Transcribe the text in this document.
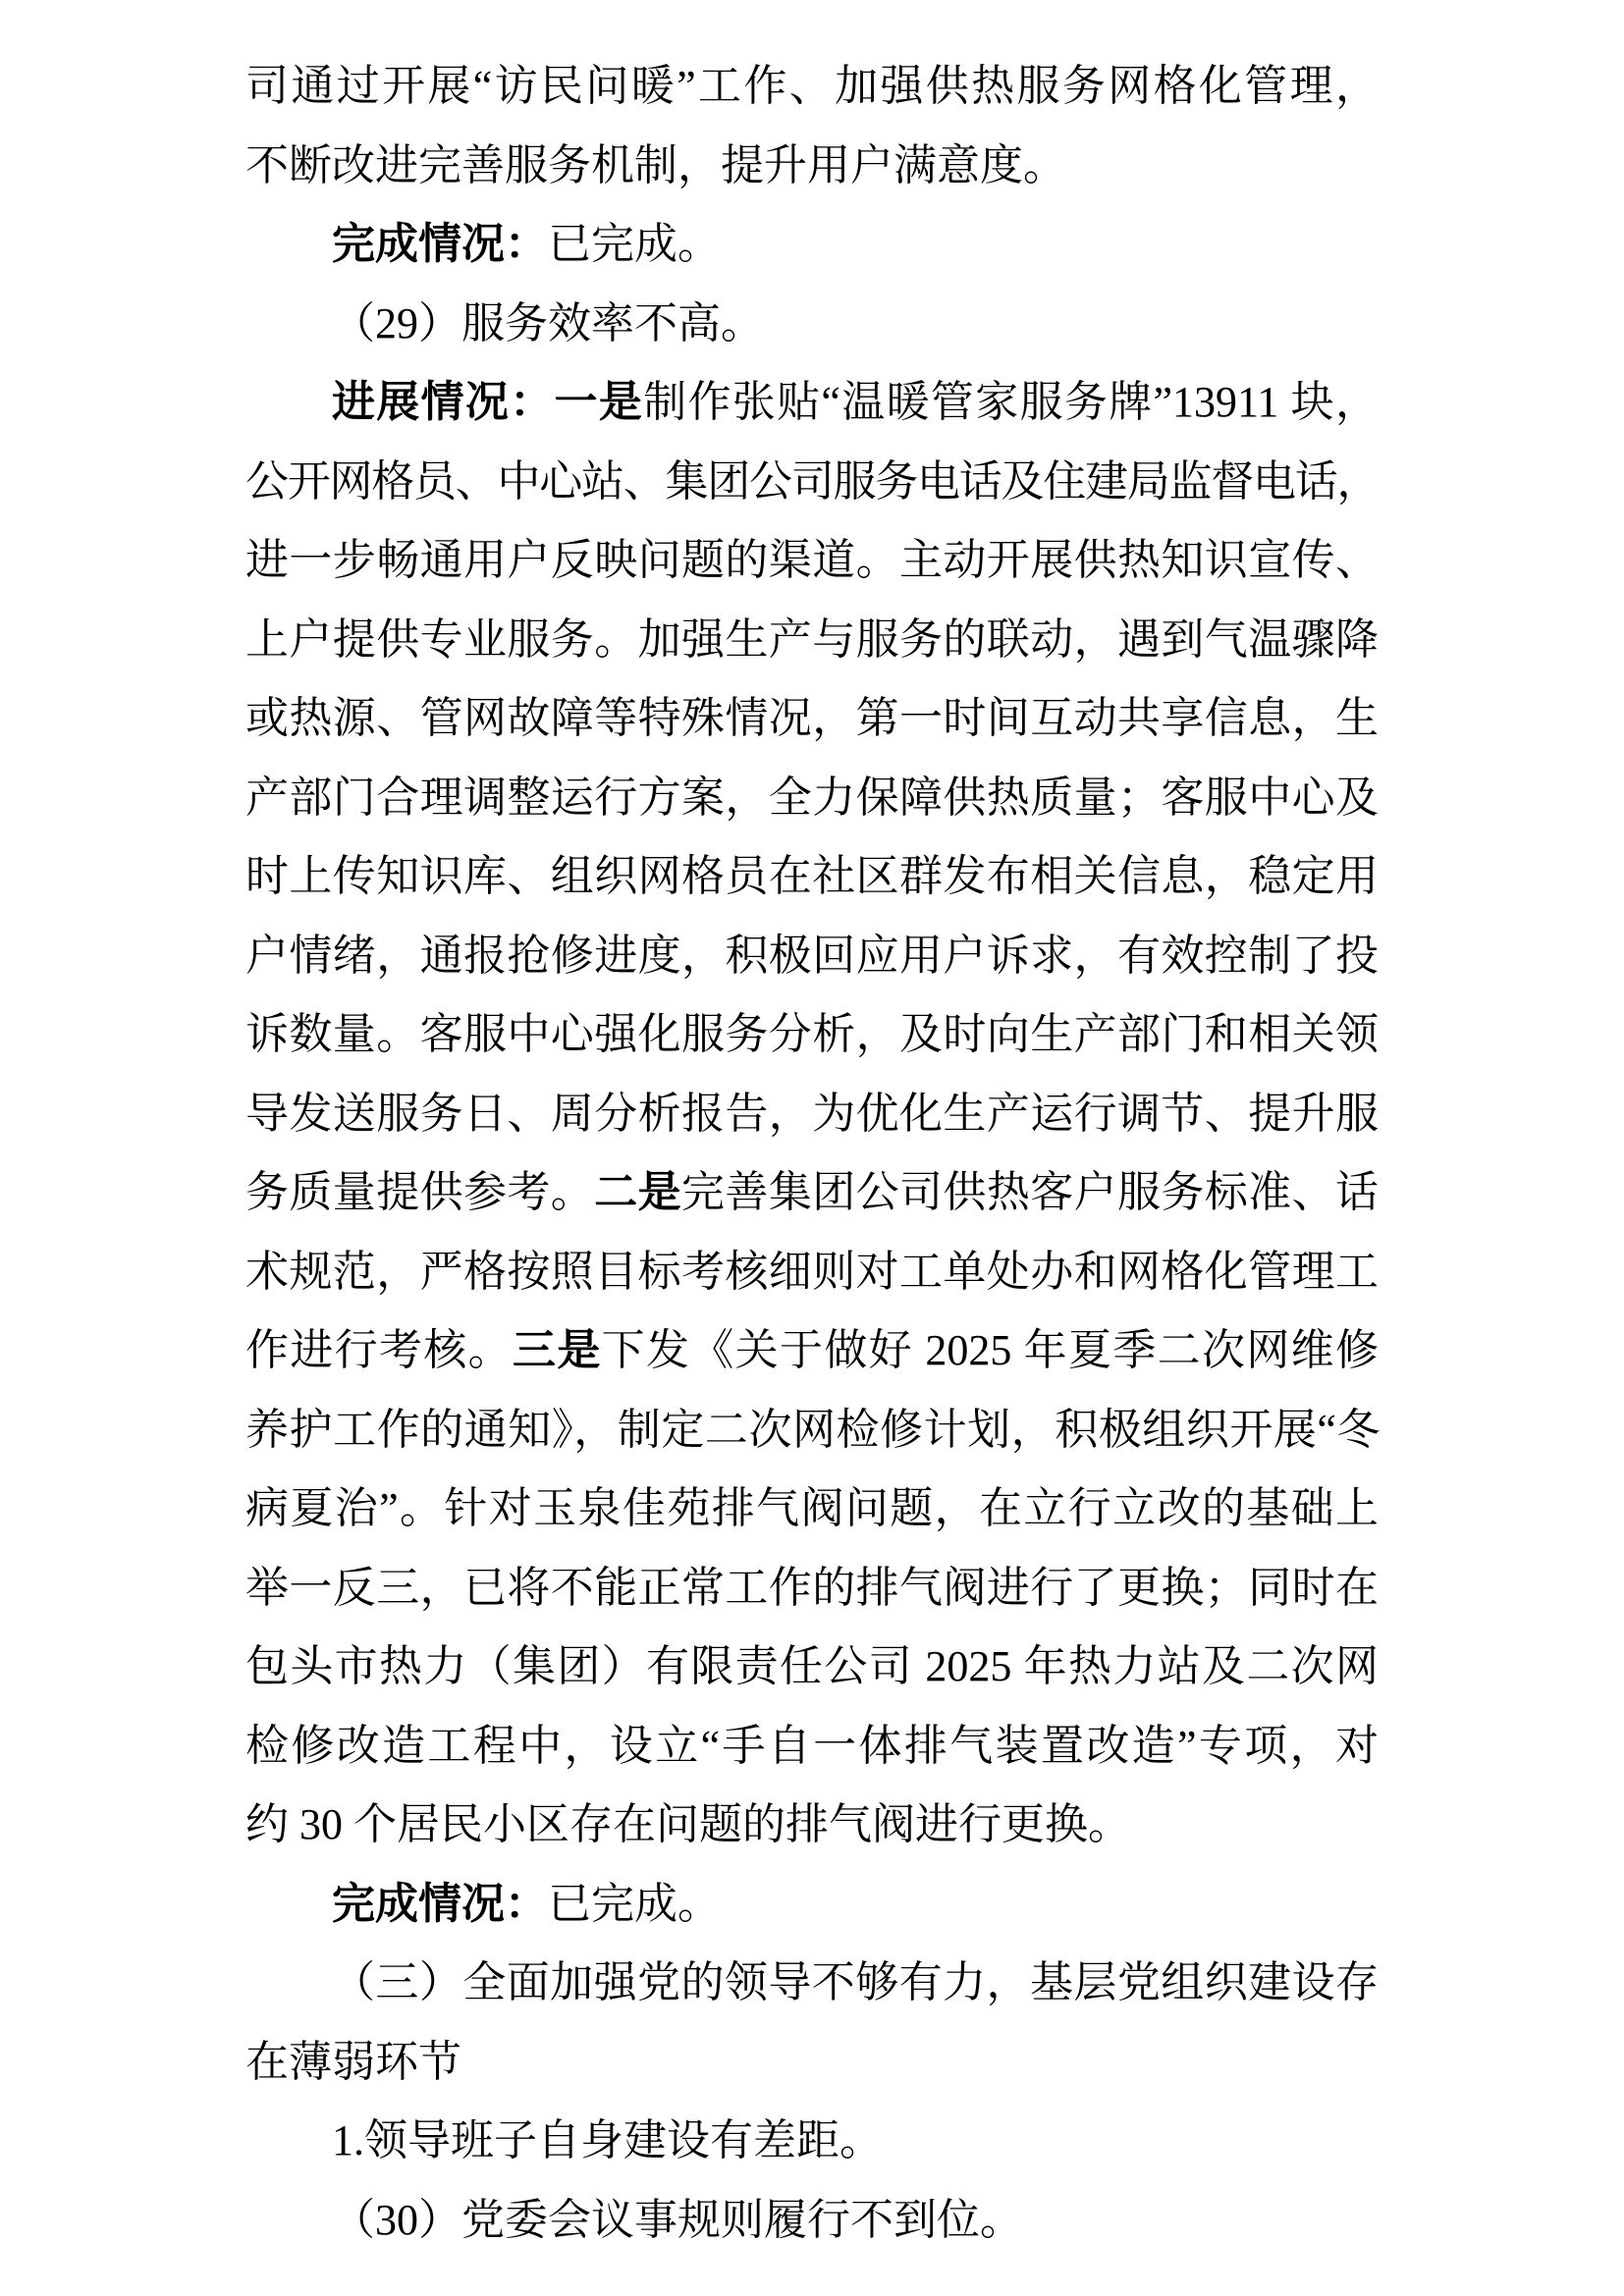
司通过开展“访民问暖”工作、加强供热服务网格化管理，
不断改进完善服务机制，提升用户满意度。
完成情况：已完成。
（29）服务效率不高。
进展情况：一是制作张贴“温暖管家服务牌”13911 块，
公开网格员、中心站、集团公司服务电话及住建局监督电话，
进一步畅通用户反映问题的渠道。主动开展供热知识宣传、
上户提供专业服务。加强生产与服务的联动，遇到气温骤降
或热源、管网故障等特殊情况，第一时间互动共享信息，生
产部门合理调整运行方案，全力保障供热质量；客服中心及
时上传知识库、组织网格员在社区群发布相关信息，稳定用
户情绪，通报抢修进度，积极回应用户诉求，有效控制了投
诉数量。客服中心强化服务分析，及时向生产部门和相关领
导发送服务日、周分析报告，为优化生产运行调节、提升服
务质量提供参考。二是完善集团公司供热客户服务标准、话
术规范，严格按照目标考核细则对工单处办和网格化管理工
作进行考核。三是下发《关于做好 2025 年夏季二次网维修
养护工作的通知》，制定二次网检修计划，积极组织开展“冬
病夏治”。针对玉泉佳苑排气阀问题，在立行立改的基础上
举一反三，已将不能正常工作的排气阀进行了更换；同时在
包头市热力（集团）有限责任公司 2025 年热力站及二次网
检修改造工程中，设立“手自一体排气装置改造”专项，对
约 30 个居民小区存在问题的排气阀进行更换。
完成情况：已完成。
（三）全面加强党的领导不够有力，基层党组织建设存
在薄弱环节
1.领导班子自身建设有差距。
（30）党委会议事规则履行不到位。
